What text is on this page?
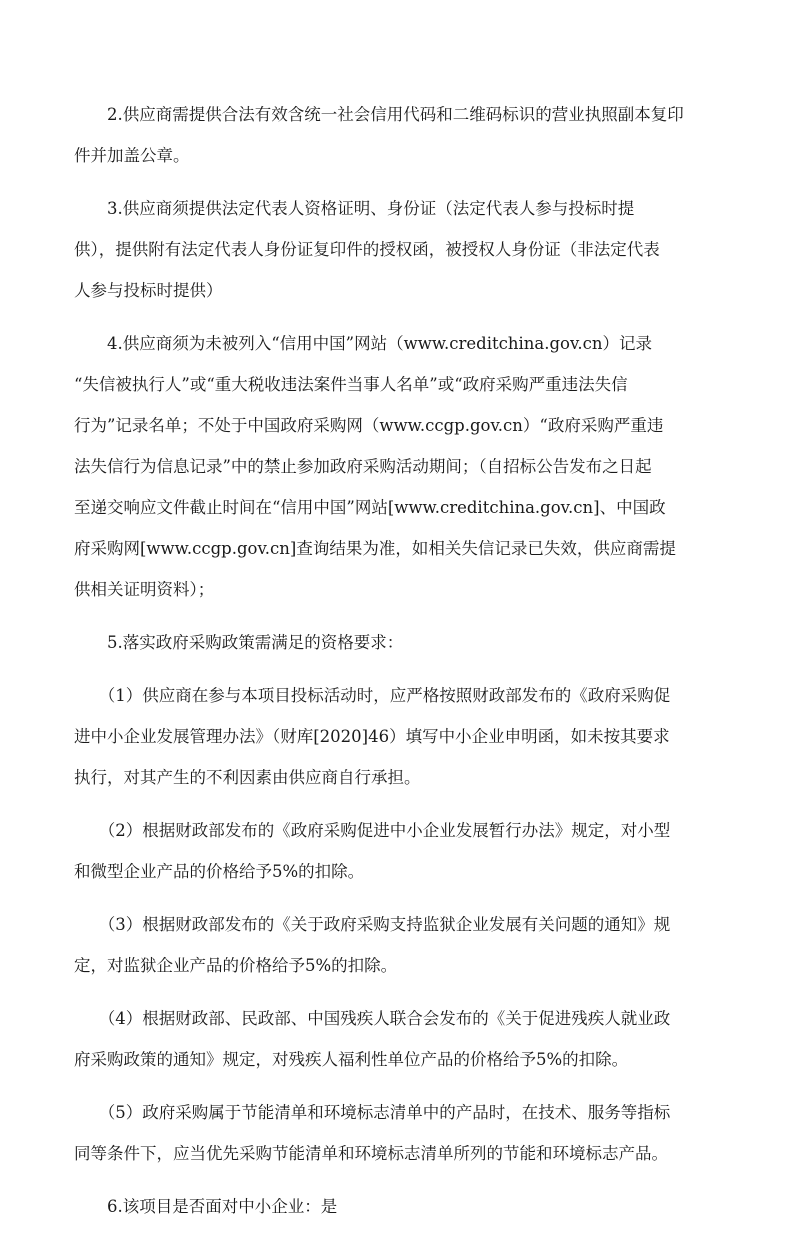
　　2.供应商需提供合法有效含统一社会信用代码和二维码标识的营业执照副本复印
件并加盖公章。

　　3.供应商须提供法定代表人资格证明、身份证（法定代表人参与投标时提
供），提供附有法定代表人身份证复印件的授权函，被授权人身份证（非法定代表
人参与投标时提供）

　　4.供应商须为未被列入“信用中国”网站（www.creditchina.gov.cn）记录
“失信被执行人”或“重大税收违法案件当事人名单”或“政府采购严重违法失信
行为”记录名单；不处于中国政府采购网（www.ccgp.gov.cn）“政府采购严重违
法失信行为信息记录”中的禁止参加政府采购活动期间；（自招标公告发布之日起
至递交响应文件截止时间在“信用中国”网站[www.creditchina.gov.cn]、中国政
府采购网[www.ccgp.gov.cn]查询结果为准，如相关失信记录已失效，供应商需提
供相关证明资料）；

　　5.落实政府采购政策需满足的资格要求：

　　（1）供应商在参与本项目投标活动时，应严格按照财政部发布的《政府采购促
进中小企业发展管理办法》（财库[2020]46）填写中小企业申明函，如未按其要求
执行，对其产生的不利因素由供应商自行承担。

　　（2）根据财政部发布的《政府采购促进中小企业发展暂行办法》规定，对小型
和微型企业产品的价格给予5%的扣除。

　　（3）根据财政部发布的《关于政府采购支持监狱企业发展有关问题的通知》规
定，对监狱企业产品的价格给予5%的扣除。

　　（4）根据财政部、民政部、中国残疾人联合会发布的《关于促进残疾人就业政
府采购政策的通知》规定，对残疾人福利性单位产品的价格给予5%的扣除。

　　（5）政府采购属于节能清单和环境标志清单中的产品时，在技术、服务等指标
同等条件下，应当优先采购节能清单和环境标志清单所列的节能和环境标志产品。

　　6.该项目是否面对中小企业：是
